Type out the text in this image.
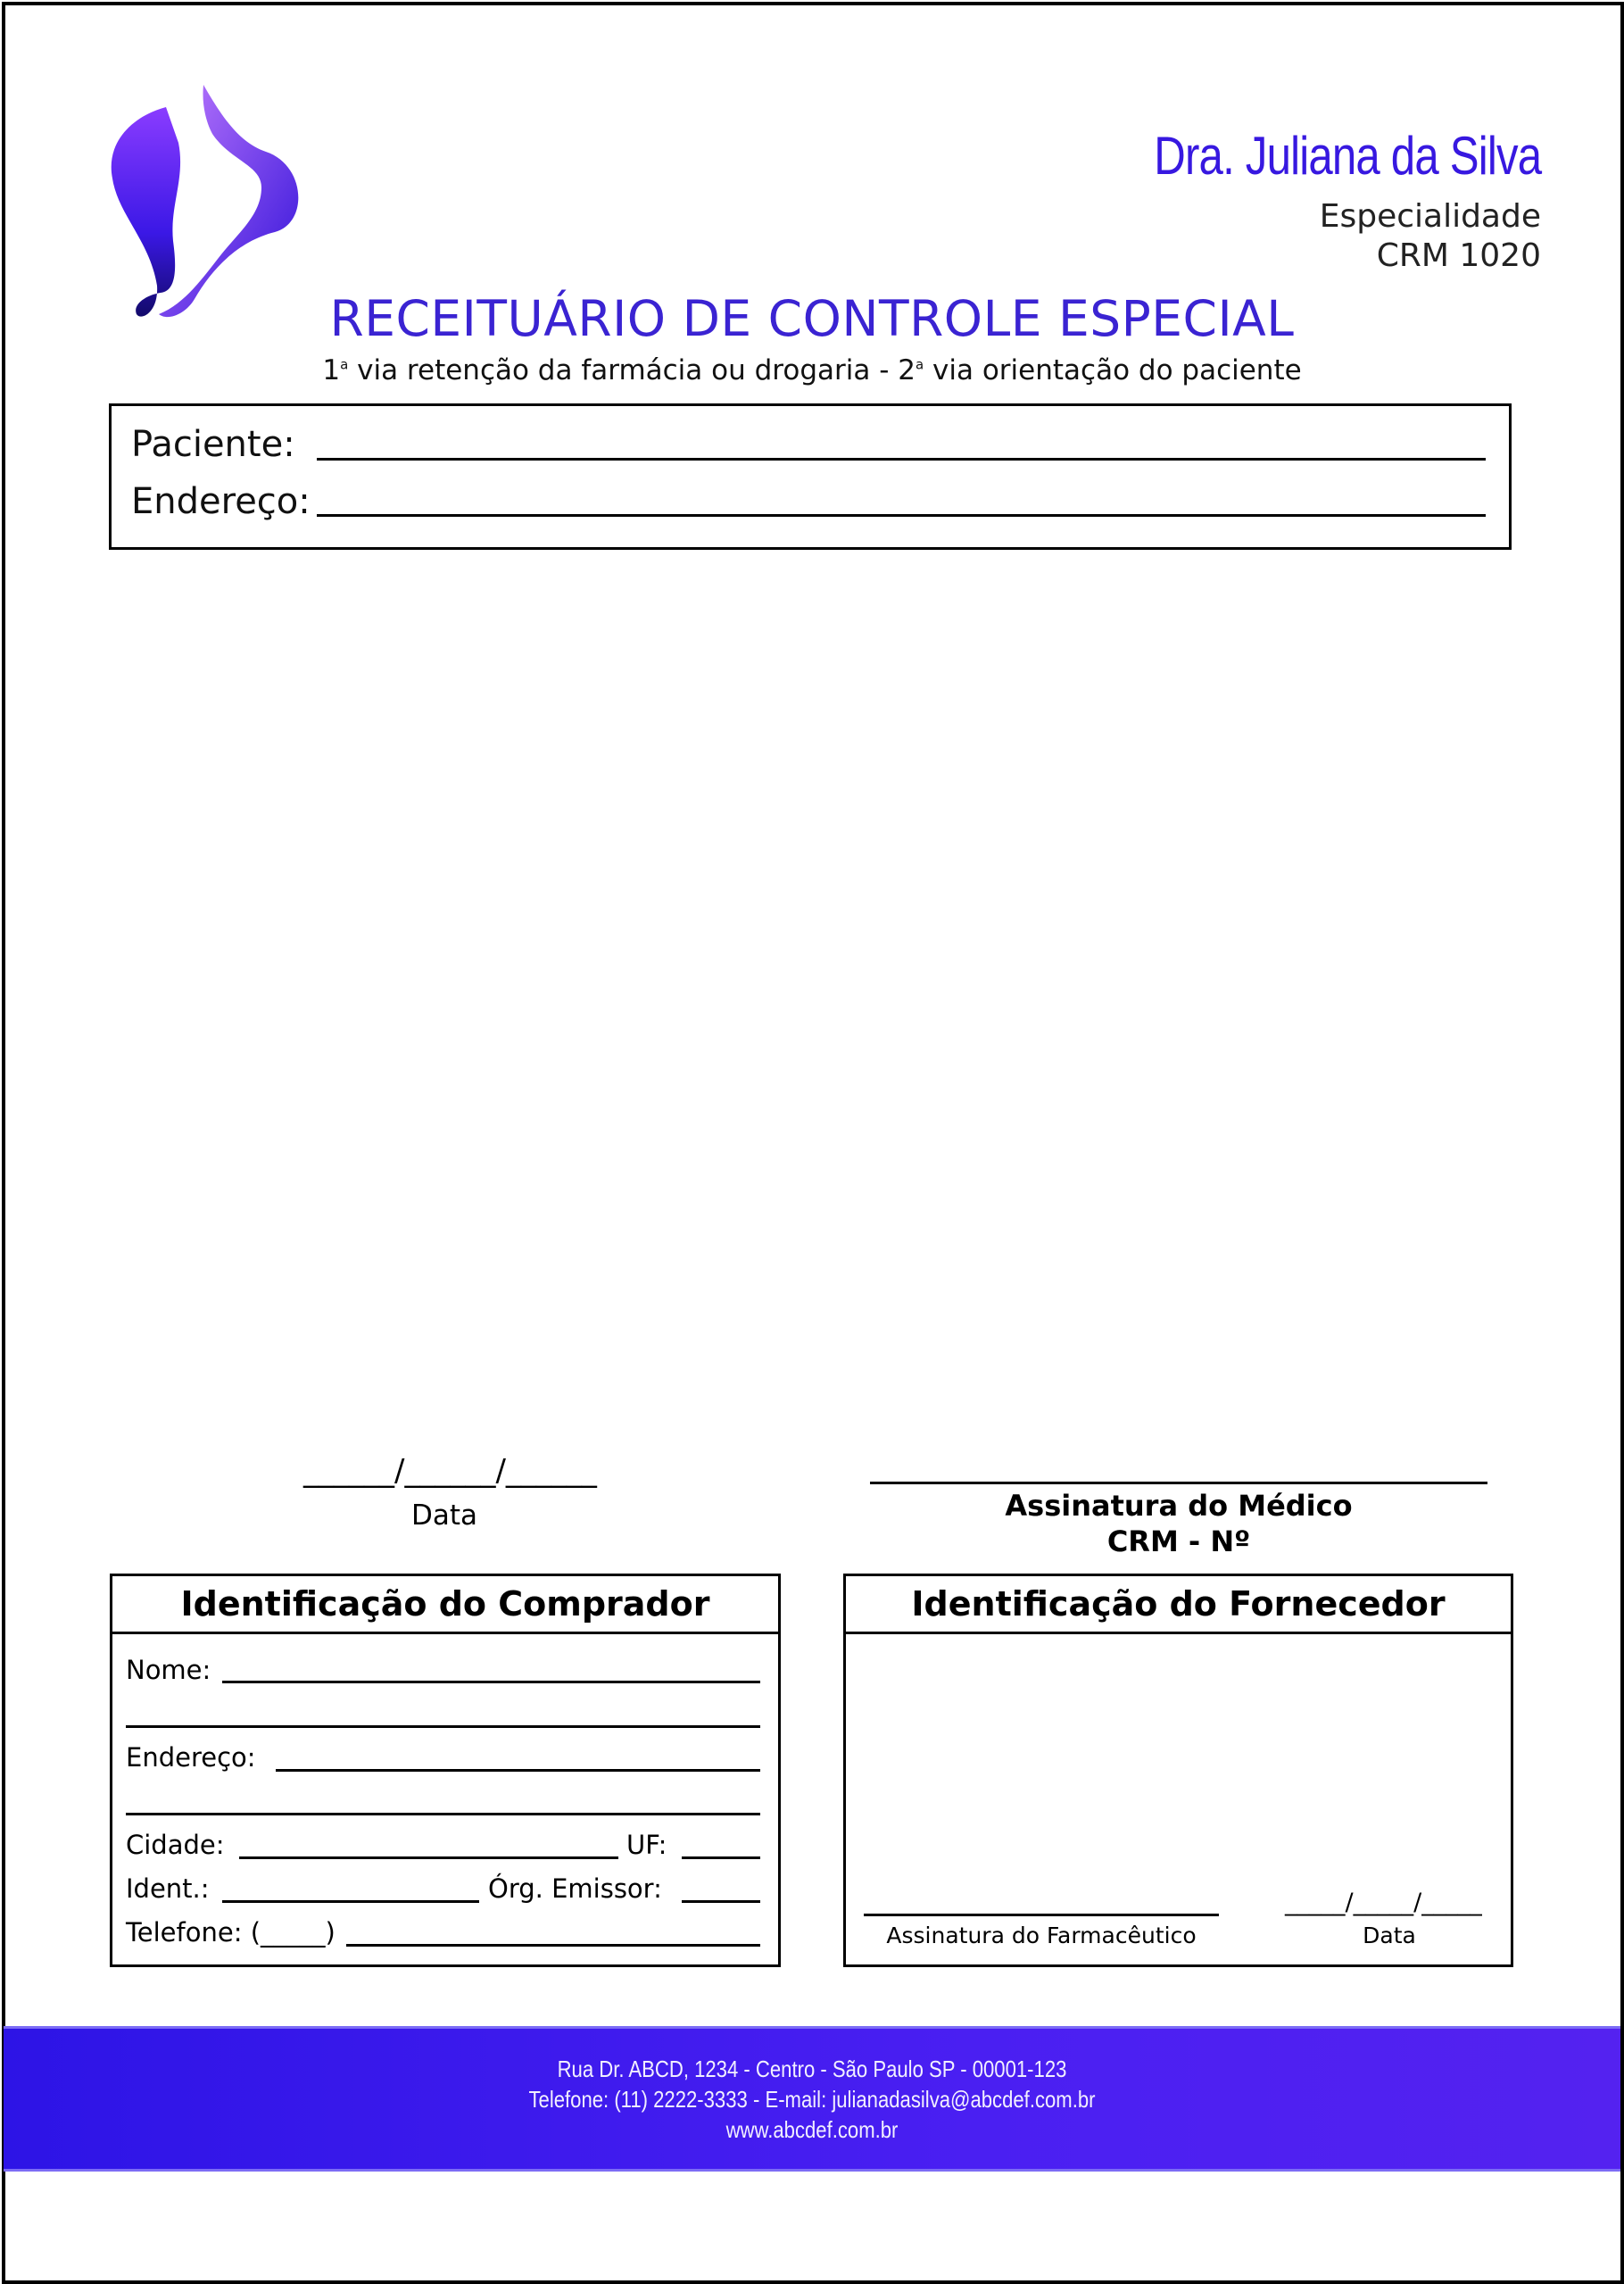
Dra. Juliana da Silva
Especialidade
CRM 1020
RECEITUÁRIO DE CONTROLE ESPECIAL
1$^a$ via retenção da farmácia ou drogaria - 2$^a$ via orientação do paciente
Paciente:
Endereço:
______/______/______
Data	Assinatura do Médico
CRM - Nº
Identificação do Comprador
Nome:
Endereço:
Cidade:	UF:
Ident.:	Órg. Emissor:
Telefone: (_____)
Identificação do Fornecedor
Assinatura do Farmacêutico
_____/_____/_____
Data
Rua Dr. ABCD, 1234 - Centro - São Paulo SP - 00001-123
Telefone: (11) 2222-3333 - E-mail: julianadasilva@abcdef.com.br
www.abcdef.com.br
